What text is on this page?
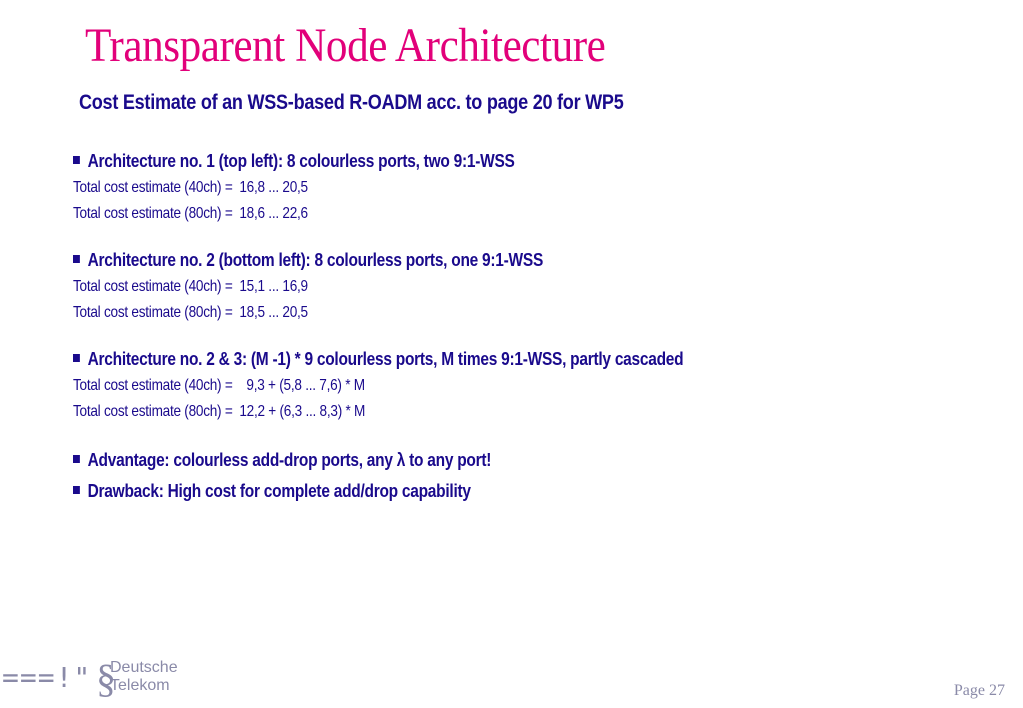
Transparent Node Architecture
Cost Estimate of an WSS-based R-OADM acc. to page 20 for WP5
Architecture no. 1 (top left): 8 colourless ports, two 9:1-WSS
Total cost estimate (40ch) = 16,8 ... 20,5
Total cost estimate (80ch) = 18,6 ... 22,6
Architecture no. 2 (bottom left): 8 colourless ports, one 9:1-WSS
Total cost estimate (40ch) = 15,1 ... 16,9
Total cost estimate (80ch) = 18,5 ... 20,5
Architecture no. 2 & 3: (M -1) * 9 colourless ports, M times 9:1-WSS, partly cascaded
Total cost estimate (40ch) =  9,3 + (5,8 ... 7,6) * M
Total cost estimate (80ch) = 12,2 + (6,3 ... 8,3) * M
Advantage: colourless add-drop ports, any λ to any port!
Drawback: High cost for complete add/drop capability
===!" §
Deutsche
Telekom	Page 27
